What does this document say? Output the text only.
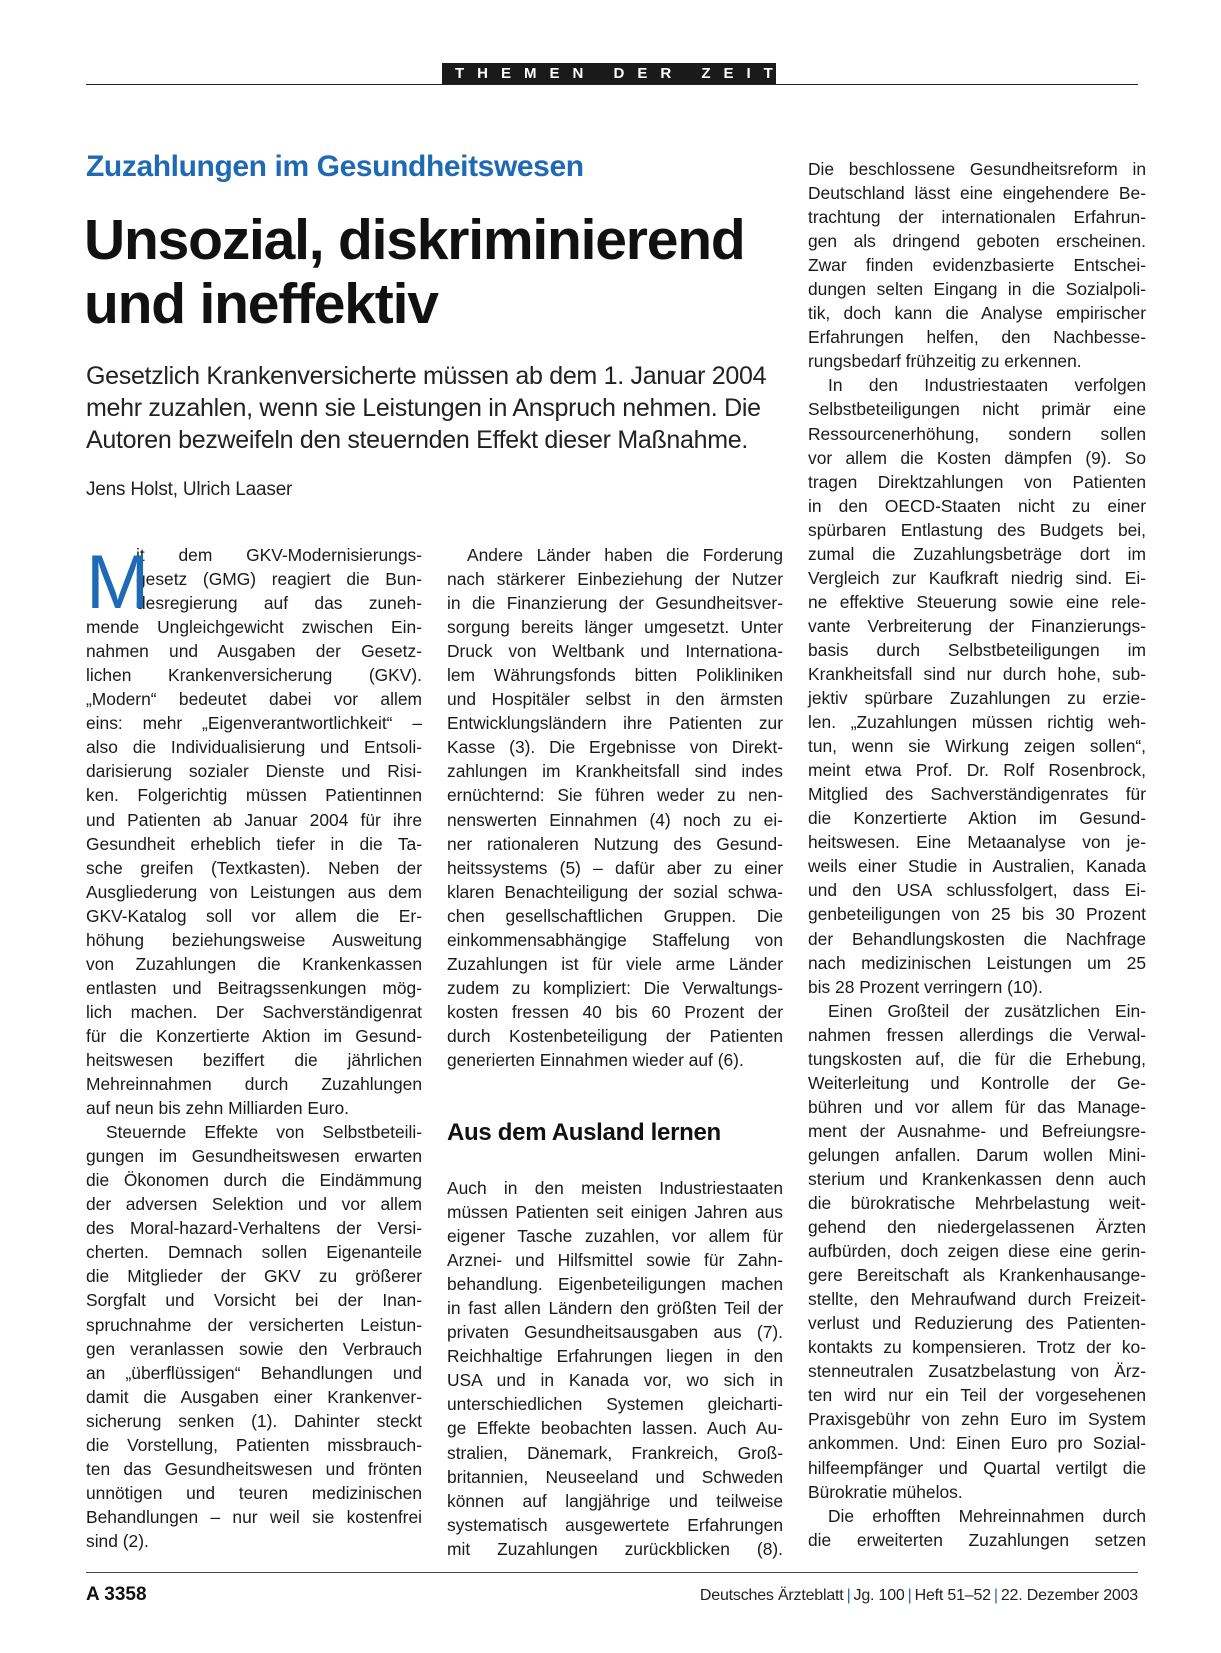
THEMEN DER ZEIT
Zuzahlungen im Gesundheitswesen
Unsozial, diskriminierend
und ineffektiv
Gesetzlich Krankenversicherte müssen ab dem 1. Januar 2004
mehr zuzahlen, wenn sie Leistungen in Anspruch nehmen. Die
Autoren bezweifeln den steuernden Effekt dieser Maßnahme.
Jens Holst, Ulrich Laaser
M
it dem GKV-Modernisierungs-
gesetz (GMG) reagiert die Bun-
desregierung auf das zuneh-
mende Ungleichgewicht zwischen Ein-
nahmen und Ausgaben der Gesetz-
lichen Krankenversicherung (GKV).
„Modern“ bedeutet dabei vor allem
eins: mehr „Eigenverantwortlichkeit“ –
also die Individualisierung und Entsoli-
darisierung sozialer Dienste und Risi-
ken. Folgerichtig müssen Patientinnen
und Patienten ab Januar 2004 für ihre
Gesundheit erheblich tiefer in die Ta-
sche greifen (Textkasten). Neben der
Ausgliederung von Leistungen aus dem
GKV-Katalog soll vor allem die Er-
höhung beziehungsweise Ausweitung
von Zuzahlungen die Krankenkassen
entlasten und Beitragssenkungen mög-
lich machen. Der Sachverständigenrat
für die Konzertierte Aktion im Gesund-
heitswesen beziffert die jährlichen
Mehreinnahmen durch Zuzahlungen
auf neun bis zehn Milliarden Euro.
Steuernde Effekte von Selbstbeteili-
gungen im Gesundheitswesen erwarten
die Ökonomen durch die Eindämmung
der adversen Selektion und vor allem
des Moral-hazard-Verhaltens der Versi-
cherten. Demnach sollen Eigenanteile
die Mitglieder der GKV zu größerer
Sorgfalt und Vorsicht bei der Inan-
spruchnahme der versicherten Leistun-
gen veranlassen sowie den Verbrauch
an „überflüssigen“ Behandlungen und
damit die Ausgaben einer Krankenver-
sicherung senken (1). Dahinter steckt
die Vorstellung, Patienten missbrauch-
ten das Gesundheitswesen und frönten
unnötigen und teuren medizinischen
Behandlungen – nur weil sie kostenfrei
sind (2).
Andere Länder haben die Forderung
nach stärkerer Einbeziehung der Nutzer
in die Finanzierung der Gesundheitsver-
sorgung bereits länger umgesetzt. Unter
Druck von Weltbank und Internationa-
lem Währungsfonds bitten Polikliniken
und Hospitäler selbst in den ärmsten
Entwicklungsländern ihre Patienten zur
Kasse (3). Die Ergebnisse von Direkt-
zahlungen im Krankheitsfall sind indes
ernüchternd: Sie führen weder zu nen-
nenswerten Einnahmen (4) noch zu ei-
ner rationaleren Nutzung des Gesund-
heitssystems (5) – dafür aber zu einer
klaren Benachteiligung der sozial schwa-
chen gesellschaftlichen Gruppen. Die
einkommensabhängige Staffelung von
Zuzahlungen ist für viele arme Länder
zudem zu kompliziert: Die Verwaltungs-
kosten fressen 40 bis 60 Prozent der
durch Kostenbeteiligung der Patienten
generierten Einnahmen wieder auf (6).
Aus dem Ausland lernen
Auch in den meisten Industriestaaten
müssen Patienten seit einigen Jahren aus
eigener Tasche zuzahlen, vor allem für
Arznei- und Hilfsmittel sowie für Zahn-
behandlung. Eigenbeteiligungen machen
in fast allen Ländern den größten Teil der
privaten Gesundheitsausgaben aus (7).
Reichhaltige Erfahrungen liegen in den
USA und in Kanada vor, wo sich in
unterschiedlichen Systemen gleicharti-
ge Effekte beobachten lassen. Auch Au-
stralien, Dänemark, Frankreich, Groß-
britannien, Neuseeland und Schweden
können auf langjährige und teilweise
systematisch ausgewertete Erfahrungen
mit Zuzahlungen zurückblicken (8).
Die beschlossene Gesundheitsreform in
Deutschland lässt eine eingehendere Be-
trachtung der internationalen Erfahrun-
gen als dringend geboten erscheinen.
Zwar finden evidenzbasierte Entschei-
dungen selten Eingang in die Sozialpoli-
tik, doch kann die Analyse empirischer
Erfahrungen helfen, den Nachbesse-
rungsbedarf frühzeitig zu erkennen.
In den Industriestaaten verfolgen
Selbstbeteiligungen nicht primär eine
Ressourcenerhöhung, sondern sollen
vor allem die Kosten dämpfen (9). So
tragen Direktzahlungen von Patienten
in den OECD-Staaten nicht zu einer
spürbaren Entlastung des Budgets bei,
zumal die Zuzahlungsbeträge dort im
Vergleich zur Kaufkraft niedrig sind. Ei-
ne effektive Steuerung sowie eine rele-
vante Verbreiterung der Finanzierungs-
basis durch Selbstbeteiligungen im
Krankheitsfall sind nur durch hohe, sub-
jektiv spürbare Zuzahlungen zu erzie-
len. „Zuzahlungen müssen richtig weh-
tun, wenn sie Wirkung zeigen sollen“,
meint etwa Prof. Dr. Rolf Rosenbrock,
Mitglied des Sachverständigenrates für
die Konzertierte Aktion im Gesund-
heitswesen. Eine Metaanalyse von je-
weils einer Studie in Australien, Kanada
und den USA schlussfolgert, dass Ei-
genbeteiligungen von 25 bis 30 Prozent
der Behandlungskosten die Nachfrage
nach medizinischen Leistungen um 25
bis 28 Prozent verringern (10).
Einen Großteil der zusätzlichen Ein-
nahmen fressen allerdings die Verwal-
tungskosten auf, die für die Erhebung,
Weiterleitung und Kontrolle der Ge-
bühren und vor allem für das Manage-
ment der Ausnahme- und Befreiungsre-
gelungen anfallen. Darum wollen Mini-
sterium und Krankenkassen denn auch
die bürokratische Mehrbelastung weit-
gehend den niedergelassenen Ärzten
aufbürden, doch zeigen diese eine gerin-
gere Bereitschaft als Krankenhausange-
stellte, den Mehraufwand durch Freizeit-
verlust und Reduzierung des Patienten-
kontakts zu kompensieren. Trotz der ko-
stenneutralen Zusatzbelastung von Ärz-
ten wird nur ein Teil der vorgesehenen
Praxisgebühr von zehn Euro im System
ankommen. Und: Einen Euro pro Sozial-
hilfeempfänger und Quartal vertilgt die
Bürokratie mühelos.
Die erhofften Mehreinnahmen durch
die erweiterten Zuzahlungen setzen
A 3358	Deutsches Ärzteblatt | Jg. 100 | Heft 51–52 | 22. Dezember 2003
